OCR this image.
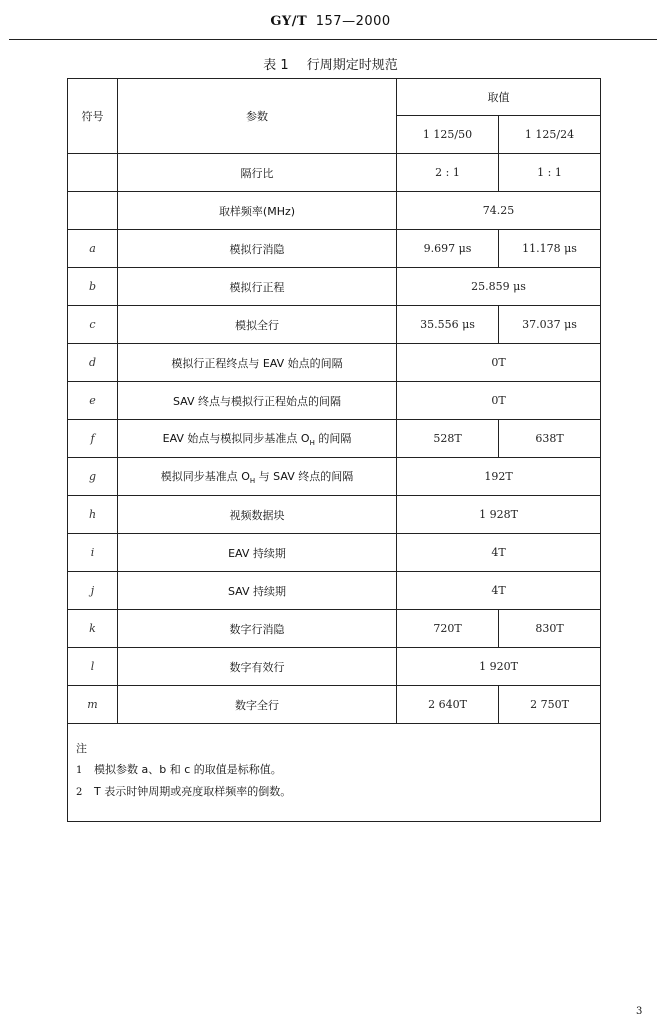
GY/T 157—2000
表 1 行周期定时规范
符号	参数	取值	
		1 125/50	1 125/24
	隔行比	2 : 1	1 : 1
	取样频率(MHz)	74.25	
a	模拟行消隐	9.697 μs	11.178 μs
b	模拟行正程	25.859 μs	
c	模拟全行	35.556 μs	37.037 μs
d	模拟行正程终点与 EAV 始点的间隔	0T	
e	SAV 终点与模拟行正程始点的间隔	0T	
f	EAV 始点与模拟同步基准点 $O_H$ 的间隔	528T	638T
g	模拟同步基准点 $O_H$ 与 SAV 终点的间隔	192T	
h	视频数据块	1 928T	
i	EAV 持续期	4T	
j	SAV 持续期	4T	
k	数字行消隐	720T	830T
l	数字有效行	1 920T	
m	数字全行	2 640T	2 750T

注
1 模拟参数 a、b 和 c 的取值是标称值。
2 T 表示时钟周期或亮度取样频率的倒数。			
3
